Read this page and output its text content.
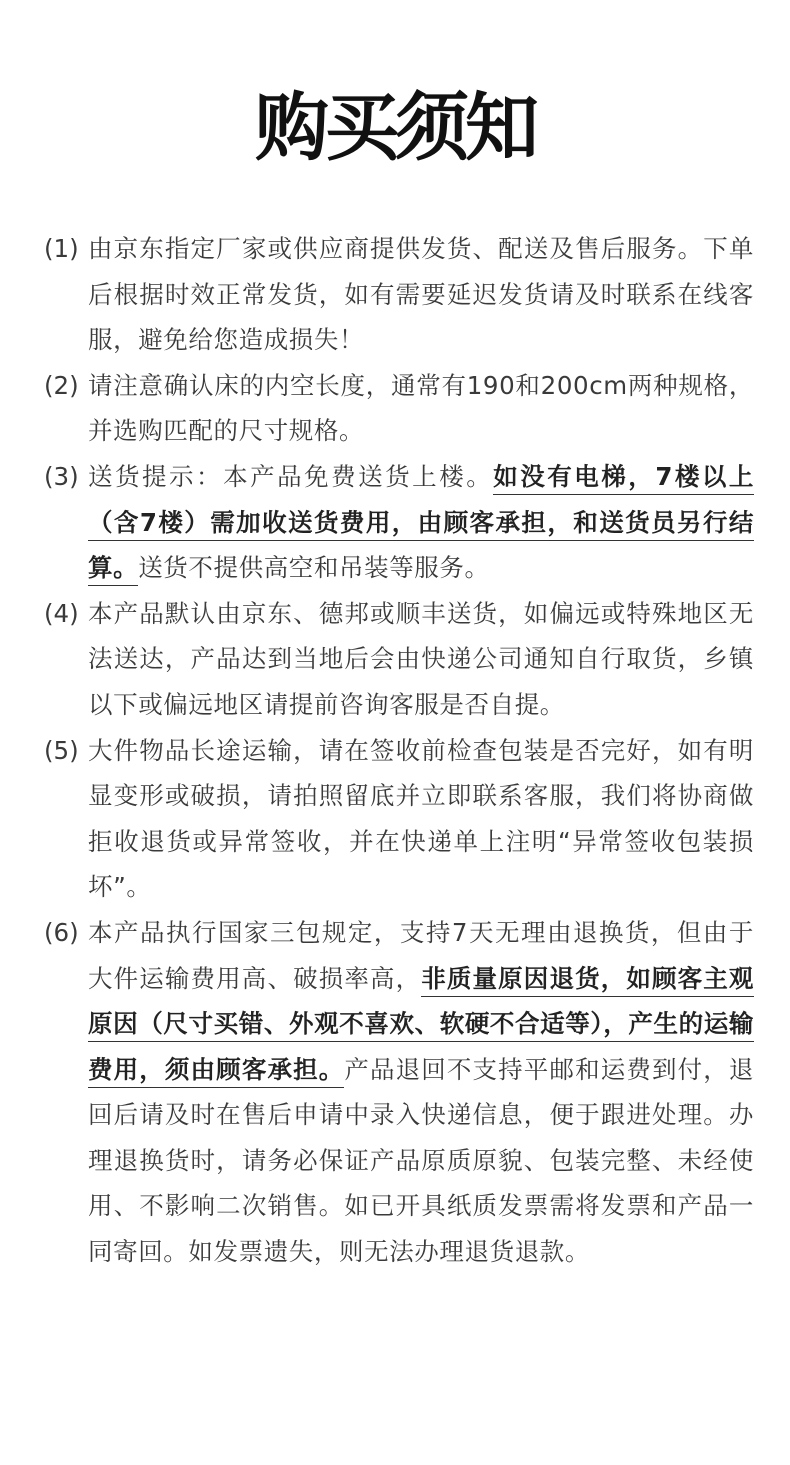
购买须知
(1) 由京东指定厂家或供应商提供发货、配送及售后服务。下单后根据时效正常发货，如有需要延迟发货请及时联系在线客服，避免给您造成损失！
(2) 请注意确认床的内空长度，通常有190和200cm两种规格，并选购匹配的尺寸规格。
(3) 送货提示：本产品免费送货上楼。如没有电梯，7楼以上（含7楼）需加收送货费用，由顾客承担，和送货员另行结算。送货不提供高空和吊装等服务。
(4) 本产品默认由京东、德邦或顺丰送货，如偏远或特殊地区无法送达，产品达到当地后会由快递公司通知自行取货，乡镇以下或偏远地区请提前咨询客服是否自提。
(5) 大件物品长途运输，请在签收前检查包装是否完好，如有明显变形或破损，请拍照留底并立即联系客服，我们将协商做拒收退货或异常签收，并在快递单上注明“异常签收包装损坏”。
(6) 本产品执行国家三包规定，支持7天无理由退换货，但由于大件运输费用高、破损率高，非质量原因退货，如顾客主观原因（尺寸买错、外观不喜欢、软硬不合适等），产生的运输费用，须由顾客承担。产品退回不支持平邮和运费到付，退回后请及时在售后申请中录入快递信息，便于跟进处理。办理退换货时，请务必保证产品原质原貌、包装完整、未经使用、不影响二次销售。如已开具纸质发票需将发票和产品一同寄回。如发票遗失，则无法办理退货退款。
